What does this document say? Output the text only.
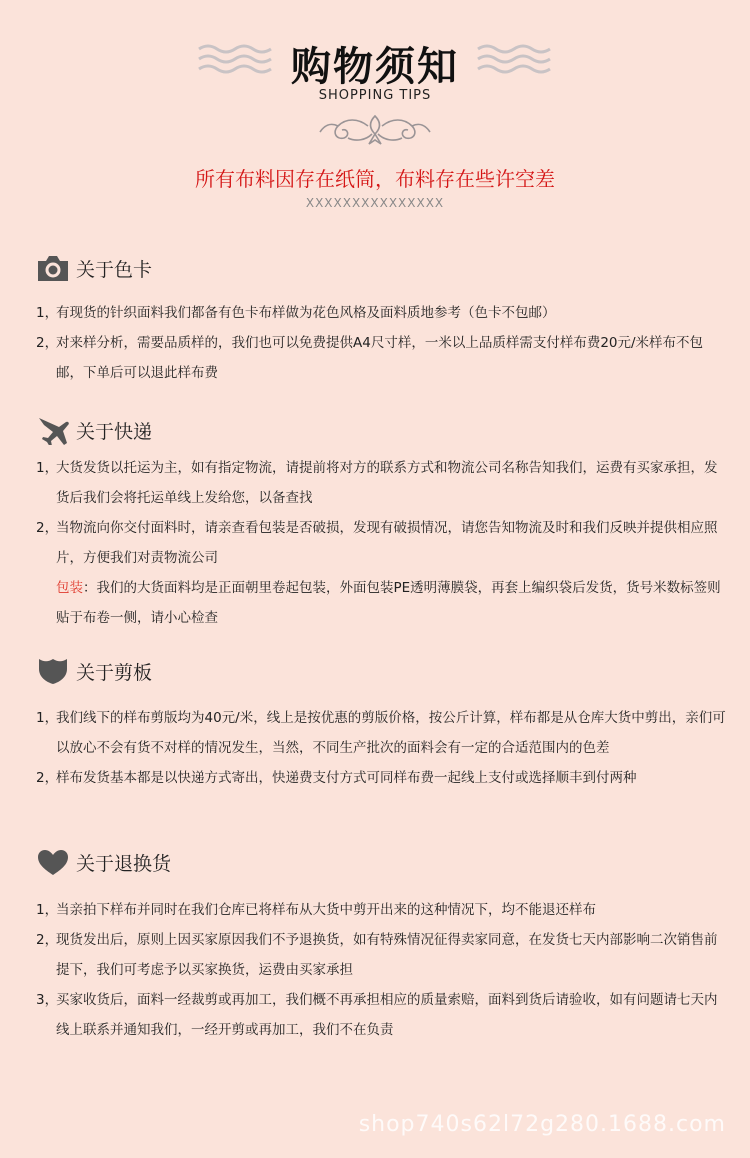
购物须知
SHOPPING TIPS
所有布料因存在纸筒，布料存在些许空差
XXXXXXXXXXXXXXX
关于色卡
1，
有现货的针织面料我们都备有色卡布样做为花色风格及面料质地参考（色卡不包邮）
2，
对来样分析，需要品质样的，我们也可以免费提供A4尺寸样，一米以上品质样需支付样布费20元/米样布不包邮，下单后可以退此样布费
关于快递
1，
大货发货以托运为主，如有指定物流，请提前将对方的联系方式和物流公司名称告知我们，运费有买家承担，发货后我们会将托运单线上发给您，以备查找
2，
当物流向你交付面料时，请亲查看包装是否破损，发现有破损情况，请您告知物流及时和我们反映并提供相应照片，方便我们对责物流公司
包装：我们的大货面料均是正面朝里卷起包装，外面包装PE透明薄膜袋，再套上编织袋后发货，货号米数标签则贴于布卷一侧，请小心检查
关于剪板
1，
我们线下的样布剪版均为40元/米，线上是按优惠的剪版价格，按公斤计算，样布都是从仓库大货中剪出，亲们可以放心不会有货不对样的情况发生，当然，不同生产批次的面料会有一定的合适范围内的色差
2，
样布发货基本都是以快递方式寄出，快递费支付方式可同样布费一起线上支付或选择顺丰到付两种
关于退换货
1，
当亲拍下样布并同时在我们仓库已将样布从大货中剪开出来的这种情况下，均不能退还样布
2，
现货发出后，原则上因买家原因我们不予退换货，如有特殊情况征得卖家同意，在发货七天内部影响二次销售前提下，我们可考虑予以买家换货，运费由买家承担
3，
买家收货后，面料一经裁剪或再加工，我们概不再承担相应的质量索赔，面料到货后请验收，如有问题请七天内线上联系并通知我们，一经开剪或再加工，我们不在负责
shop740s62l72g280.1688.com
